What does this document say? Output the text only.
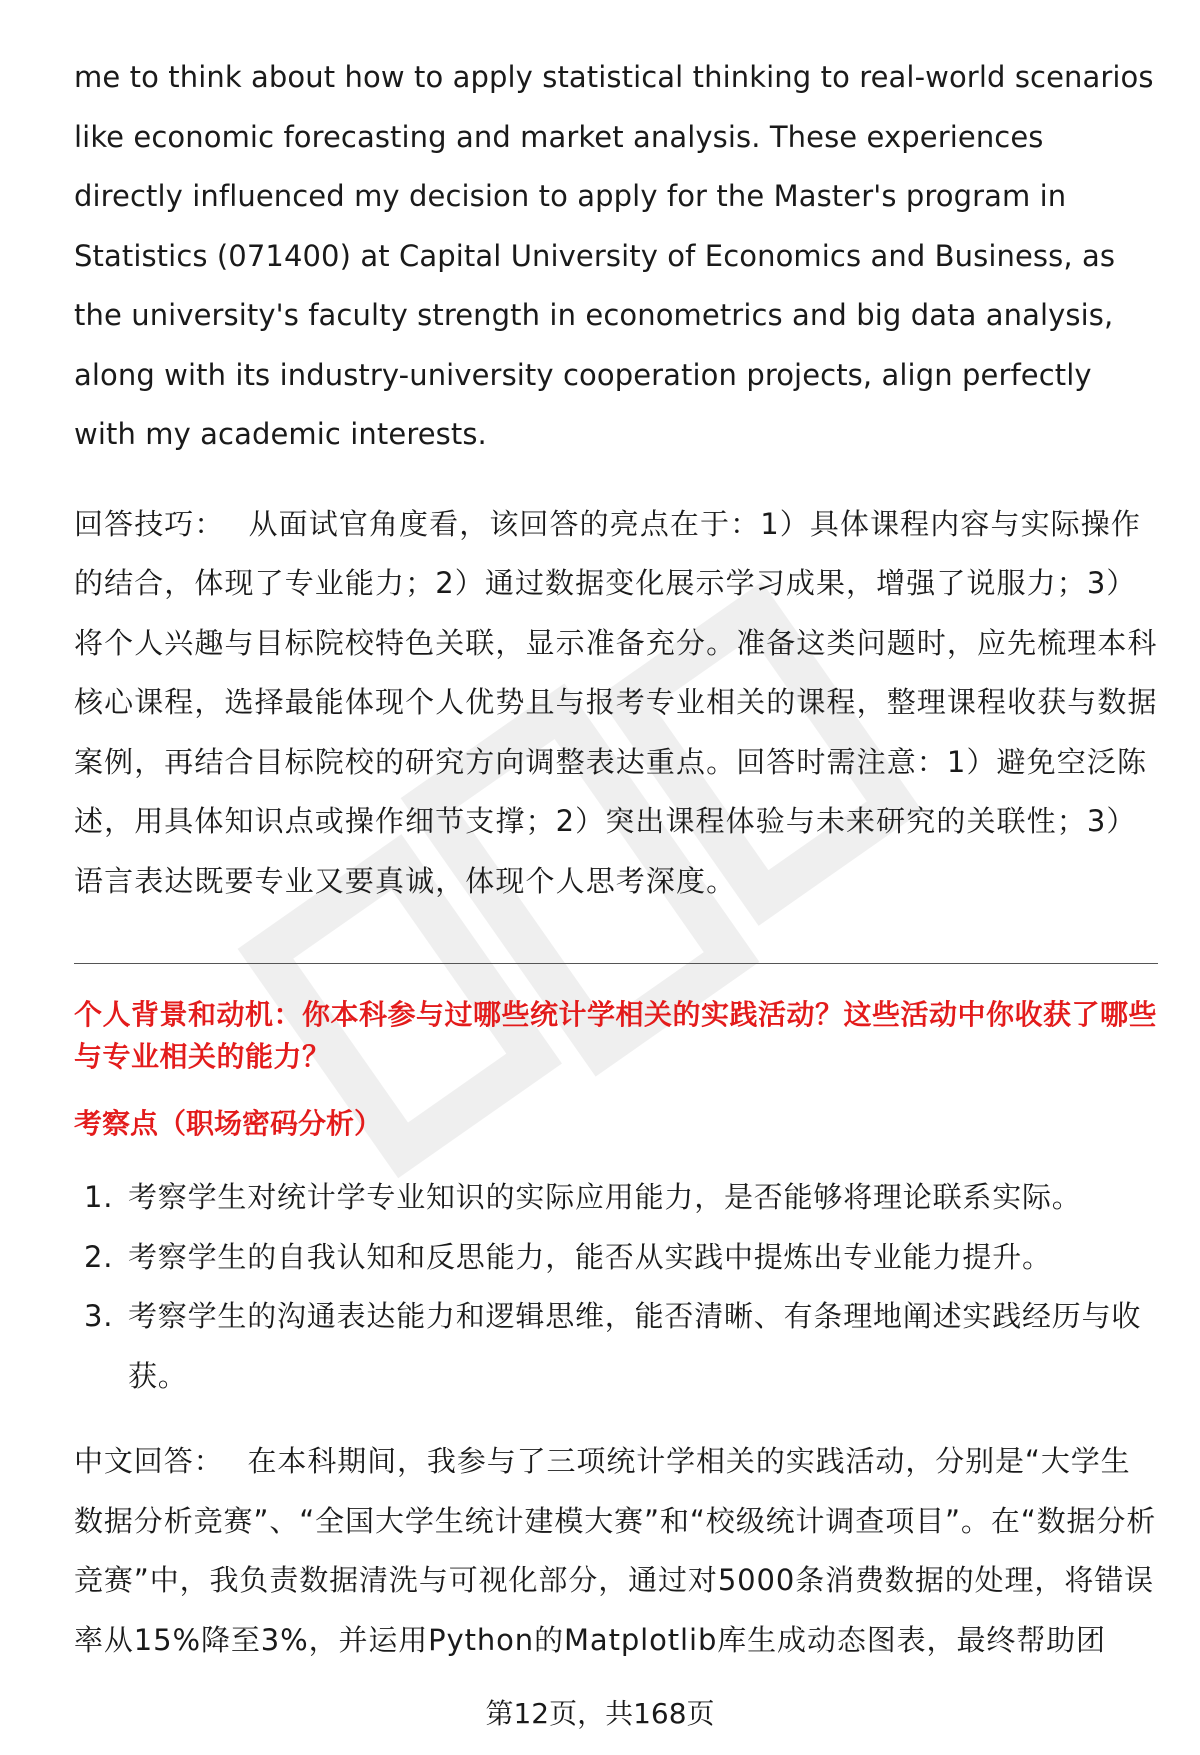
me to think about how to apply statistical thinking to real-world scenarios like economic forecasting and market analysis. These experiences directly influenced my decision to apply for the Master's program in Statistics (071400) at Capital University of Economics and Business, as the university's faculty strength in econometrics and big data analysis, along with its industry-university cooperation projects, align perfectly with my academic interests.

回答技巧： 从面试官角度看，该回答的亮点在于：1）具体课程内容与实际操作的结合，体现了专业能力；2）通过数据变化展示学习成果，增强了说服力；3）将个人兴趣与目标院校特色关联，显示准备充分。准备这类问题时，应先梳理本科核心课程，选择最能体现个人优势且与报考专业相关的课程，整理课程收获与数据案例，再结合目标院校的研究方向调整表达重点。回答时需注意：1）避免空泛陈述，用具体知识点或操作细节支撑；2）突出课程体验与未来研究的关联性；3）语言表达既要专业又要真诚，体现个人思考深度。

个人背景和动机：你本科参与过哪些统计学相关的实践活动？这些活动中你收获了哪些与专业相关的能力？

考察点（职场密码分析）

1. 考察学生对统计学专业知识的实际应用能力，是否能够将理论联系实际。
2. 考察学生的自我认知和反思能力，能否从实践中提炼出专业能力提升。
3. 考察学生的沟通表达能力和逻辑思维，能否清晰、有条理地阐述实践经历与收获。

中文回答： 在本科期间，我参与了三项统计学相关的实践活动，分别是“大学生数据分析竞赛”、“全国大学生统计建模大赛”和“校级统计调查项目”。在“数据分析竞赛”中，我负责数据清洗与可视化部分，通过对5000条消费数据的处理，将错误率从15%降至3%，并运用Python的Matplotlib库生成动态图表，最终帮助团

第12页，共168页
